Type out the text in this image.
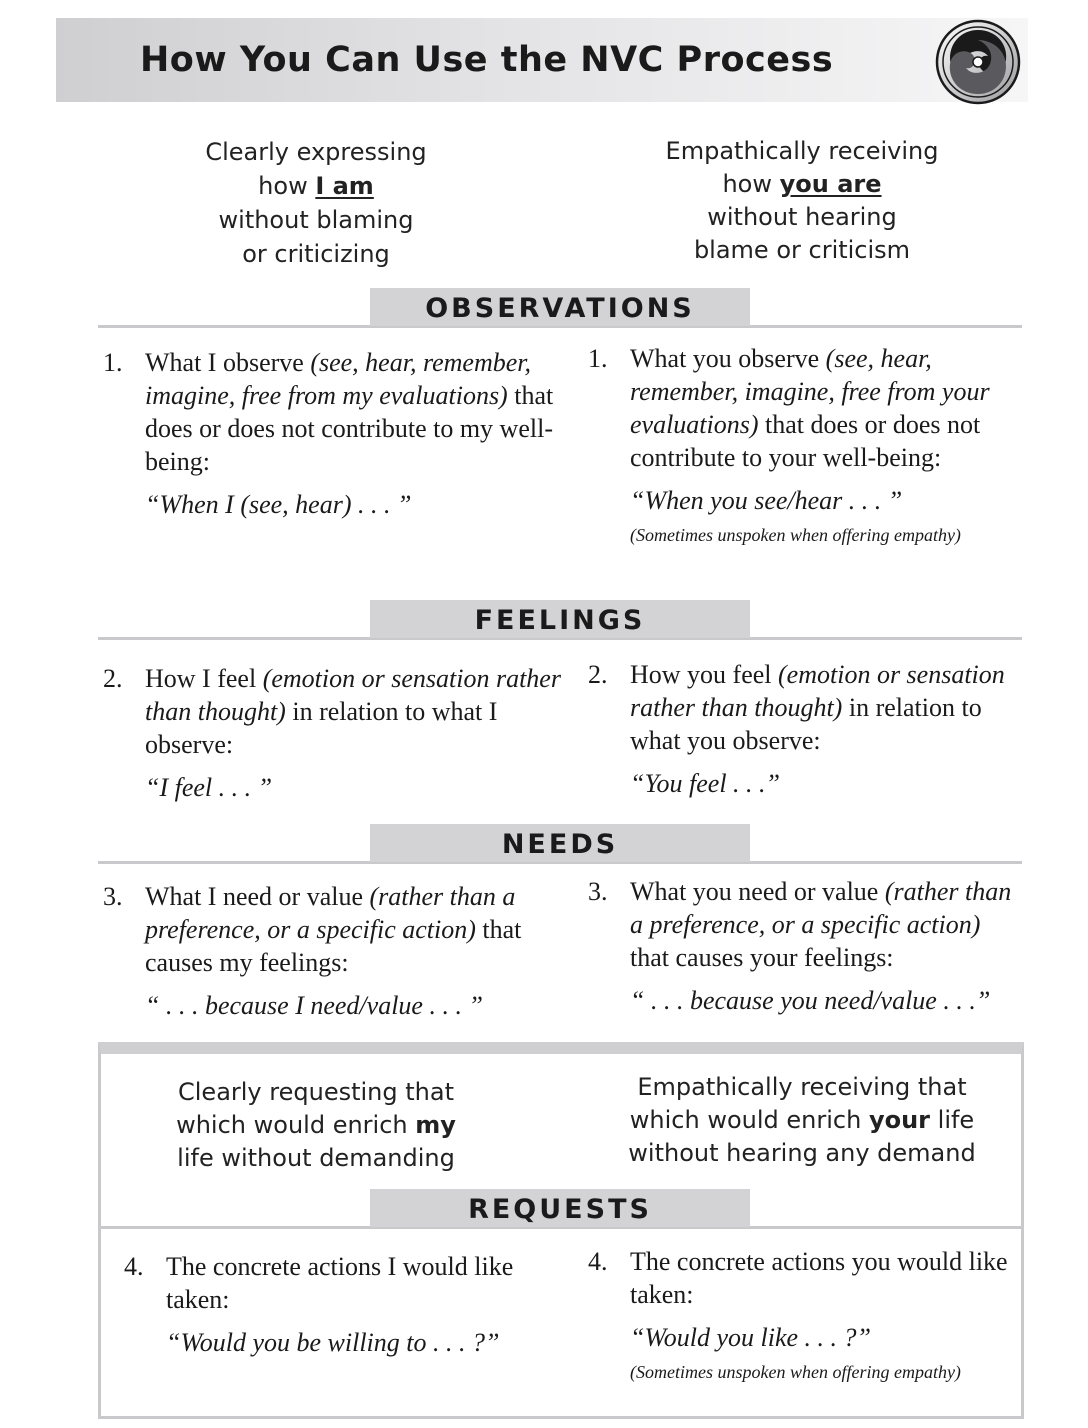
How You Can Use the NVC Process
Clearly expressing
how I am
without blaming
or criticizing
Empathically receiving
how you are
without hearing
blame or criticism
OBSERVATIONS
1. What I observe (see, hear, remember, imagine, free from my evaluations) that does or does not contribute to my well-being:
“When I (see, hear) . . . ”
1. What you observe (see, hear, remember, imagine, free from your evaluations) that does or does not contribute to your well-being:
“When you see/hear . . . ”
(Sometimes unspoken when offering empathy)
FEELINGS
2. How I feel (emotion or sensation rather than thought) in relation to what I observe:
“I feel . . . ”
2. How you feel (emotion or sensation rather than thought) in relation to what you observe:
“You feel . . .”
NEEDS
3. What I need or value (rather than a preference, or a specific action) that causes my feelings:
“ . . . because I need/value . . . ”
3. What you need or value (rather than a preference, or a specific action) that causes your feelings:
“ . . . because you need/value . . .”
Clearly requesting that
which would enrich my
life without demanding
Empathically receiving that
which would enrich your life
without hearing any demand
REQUESTS
4. The concrete actions I would like taken:
“Would you be willing to . . . ?”
4. The concrete actions you would like taken:
“Would you like . . . ?”
(Sometimes unspoken when offering empathy)
